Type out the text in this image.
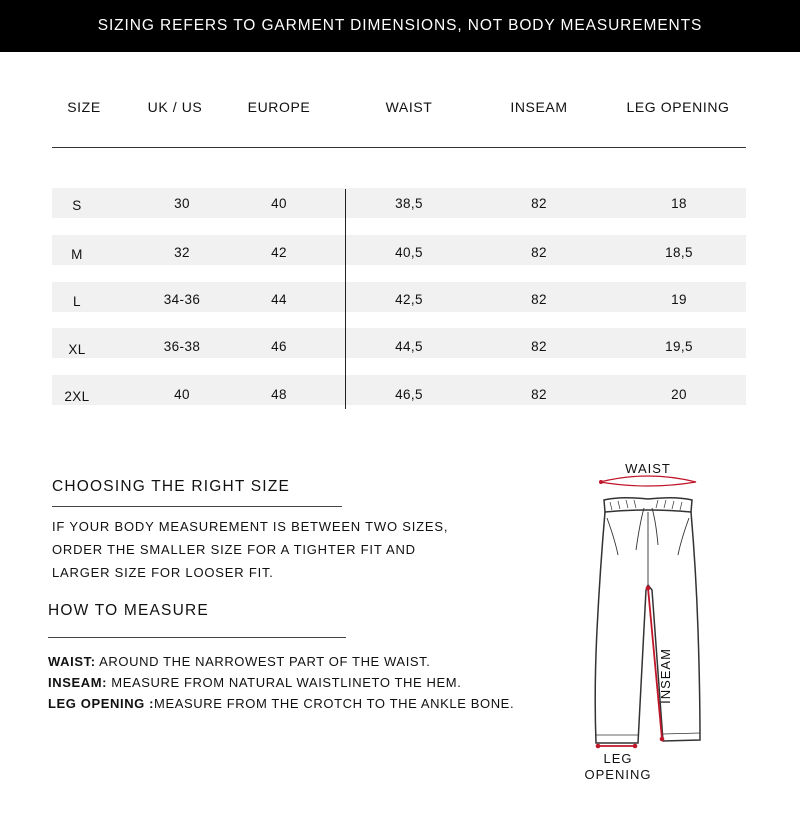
SIZING REFERS TO GARMENT DIMENSIONS, NOT BODY MEASUREMENTS
SIZE	UK / US	EUROPE	WAIST	INSEAM	LEG OPENING
S	30	40	38,5	82	18
M	32	42	40,5	82	18,5
L	34-36	44	42,5	82	19
XL	36-38	46	44,5	82	19,5
2XL	40	48	46,5	82	20
CHOOSING THE RIGHT SIZE
IF YOUR BODY MEASUREMENT IS BETWEEN TWO SIZES,
ORDER THE SMALLER SIZE FOR A TIGHTER FIT AND
LARGER SIZE FOR LOOSER FIT.
HOW TO MEASURE
WAIST: AROUND THE NARROWEST PART OF THE WAIST.
INSEAM: MEASURE FROM NATURAL WAISTLINETO THE HEM.
LEG OPENING :MEASURE FROM THE CROTCH TO THE ANKLE BONE.
WAIST
INSEAM
LEG
OPENING
